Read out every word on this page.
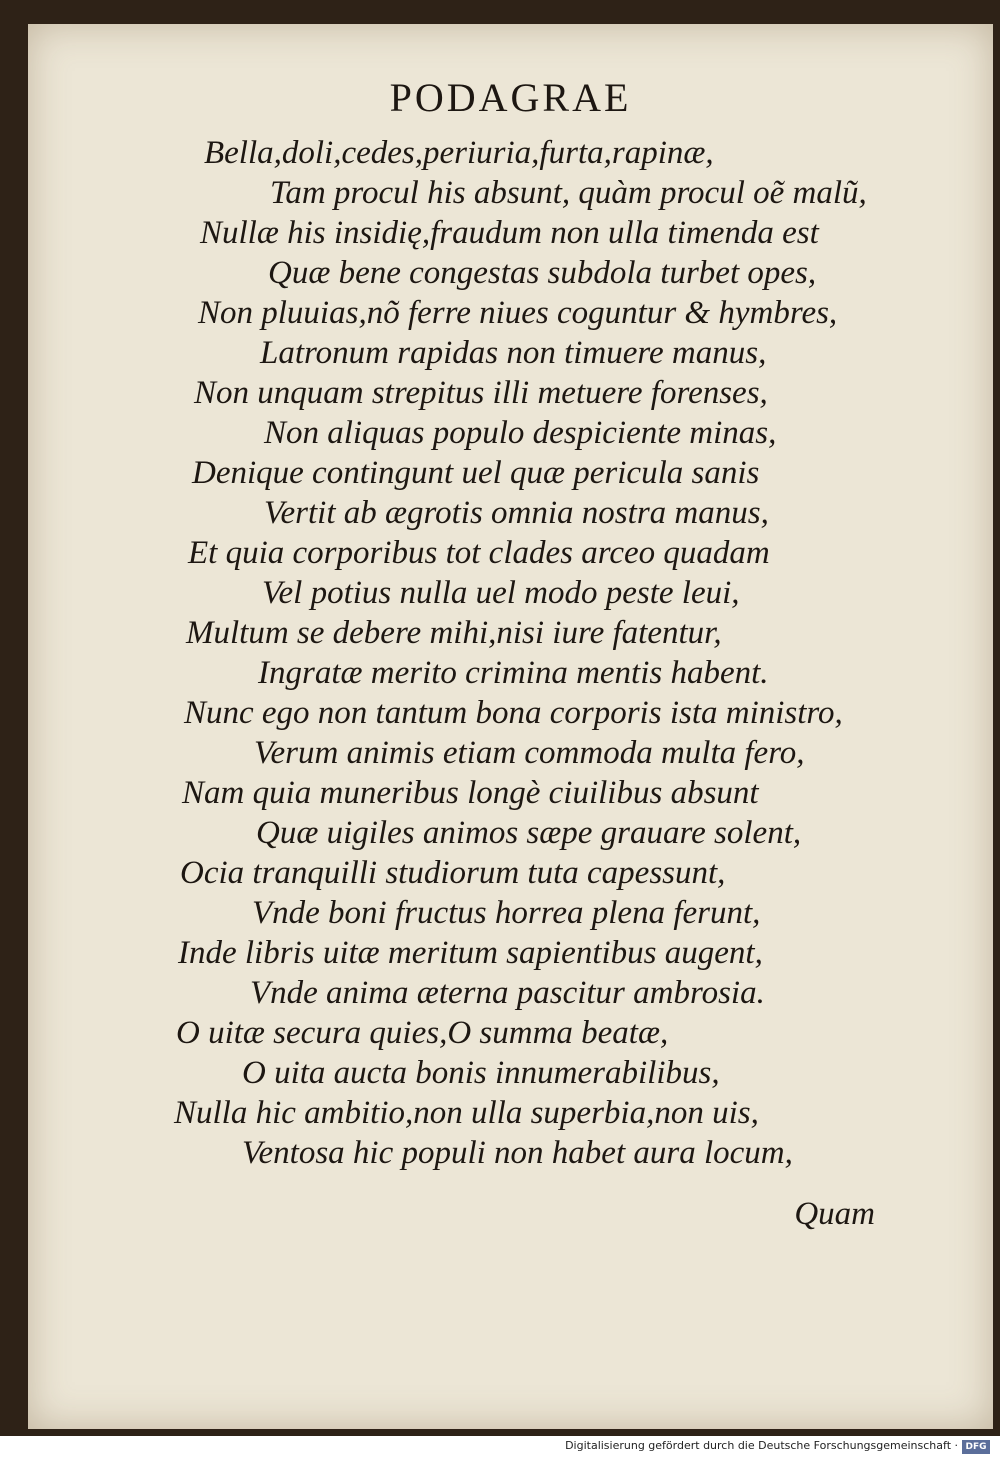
PODAGRAE
Bella,doli,cedes,periuria,furta,rapinæ,
Tam procul his absunt, quàm procul oẽ malũ,
Nullæ his insidię,fraudum non ulla timenda est
Quæ bene congestas subdola turbet opes,
Non pluuias,nõ ferre niues coguntur & hymbres,
Latronum rapidas non timuere manus,
Non unquam strepitus illi metuere forenses,
Non aliquas populo despiciente minas,
Denique contingunt uel quæ pericula sanis
Vertit ab ægrotis omnia nostra manus,
Et quia corporibus tot clades arceo quadam
Vel potius nulla uel modo peste leui,
Multum se debere mihi,nisi iure fatentur,
Ingratæ merito crimina mentis habent.
Nunc ego non tantum bona corporis ista ministro,
Verum animis etiam commoda multa fero,
Nam quia muneribus longè ciuilibus absunt
Quæ uigiles animos sæpe grauare solent,
Ocia tranquilli studiorum tuta capessunt,
Vnde boni fructus horrea plena ferunt,
Inde libris uitæ meritum sapientibus augent,
Vnde anima æterna pascitur ambrosia.
O uitæ secura quies,O summa beatæ,
O uita aucta bonis innumerabilibus,
Nulla hic ambitio,non ulla superbia,non uis,
Ventosa hic populi non habet aura locum,
Quam
Digitalisierung gefördert durch die Deutsche Forschungsgemeinschaft · DFG
